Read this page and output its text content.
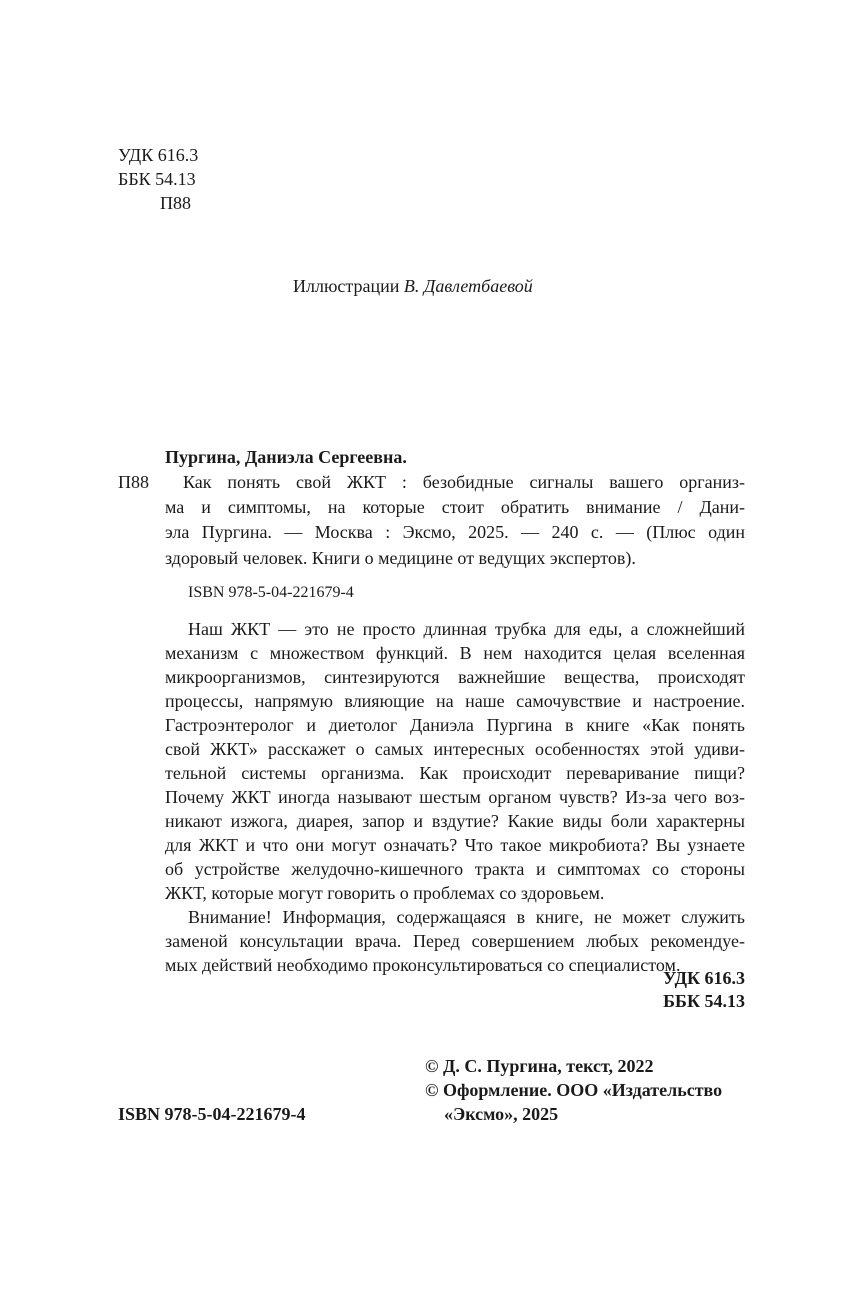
УДК 616.3
ББК 54.13
П88
Иллюстрации В. Давлетбаевой
Пургина, Даниэла Сергеевна.
П88 Как понять свой ЖКТ : безобидные сигналы вашего организ-
ма и симптомы, на которые стоит обратить внимание / Дани-
эла Пургина. — Москва : Эксмо, 2025. — 240 с. — (Плюс один
здоровый человек. Книги о медицине от ведущих экспертов).
ISBN 978-5-04-221679-4
Наш ЖКТ — это не просто длинная трубка для еды, а сложнейший
механизм с множеством функций. В нем находится целая вселенная
микроорганизмов, синтезируются важнейшие вещества, происходят
процессы, напрямую влияющие на наше самочувствие и настроение.
Гастроэнтеролог и диетолог Даниэла Пургина в книге «Как понять
свой ЖКТ» расскажет о самых интересных особенностях этой удиви-
тельной системы организма. Как происходит переваривание пищи?
Почему ЖКТ иногда называют шестым органом чувств? Из-за чего воз-
никают изжога, диарея, запор и вздутие? Какие виды боли характерны
для ЖКТ и что они могут означать? Что такое микробиота? Вы узнаете
об устройстве желудочно-кишечного тракта и симптомах со стороны
ЖКТ, которые могут говорить о проблемах со здоровьем.
Внимание! Информация, содержащаяся в книге, не может служить
заменой консультации врача. Перед совершением любых рекомендуе-
мых действий необходимо проконсультироваться со специалистом.
УДК 616.3
ББК 54.13
© Д. С. Пургина, текст, 2022
© Оформление. ООО «Издательство
«Эксмо», 2025
ISBN 978-5-04-221679-4
